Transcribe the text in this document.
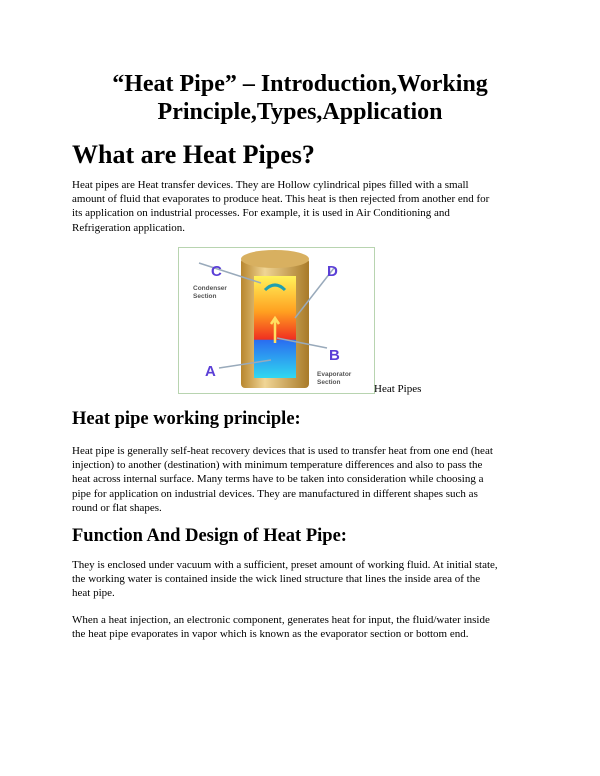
“Heat Pipe” – Introduction,Working
Principle,Types,Application
What are Heat Pipes?
Heat pipes are Heat transfer devices. They are Hollow cylindrical pipes filled with a small
amount of fluid that evaporates to produce heat. This heat is then rejected from another end for
its application on industrial processes. For example, it is used in Air Conditioning and
Refrigeration application.
C	D
A
B
Condenser
Section
Evaporator
Section
Heat Pipes
Heat pipe working principle:
Heat pipe is generally self-heat recovery devices that is used to transfer heat from one end (heat
injection) to another (destination) with minimum temperature differences and also to pass the
heat across internal surface. Many terms have to be taken into consideration while choosing a
pipe for application on industrial devices. They are manufactured in different shapes such as
round or flat shapes.
Function And Design of Heat Pipe:
They is enclosed under vacuum with a sufficient, preset amount of working fluid. At initial state,
the working water is contained inside the wick lined structure that lines the inside area of the
heat pipe.
When a heat injection, an electronic component, generates heat for input, the fluid/water inside
the heat pipe evaporates in vapor which is known as the evaporator section or bottom end.
